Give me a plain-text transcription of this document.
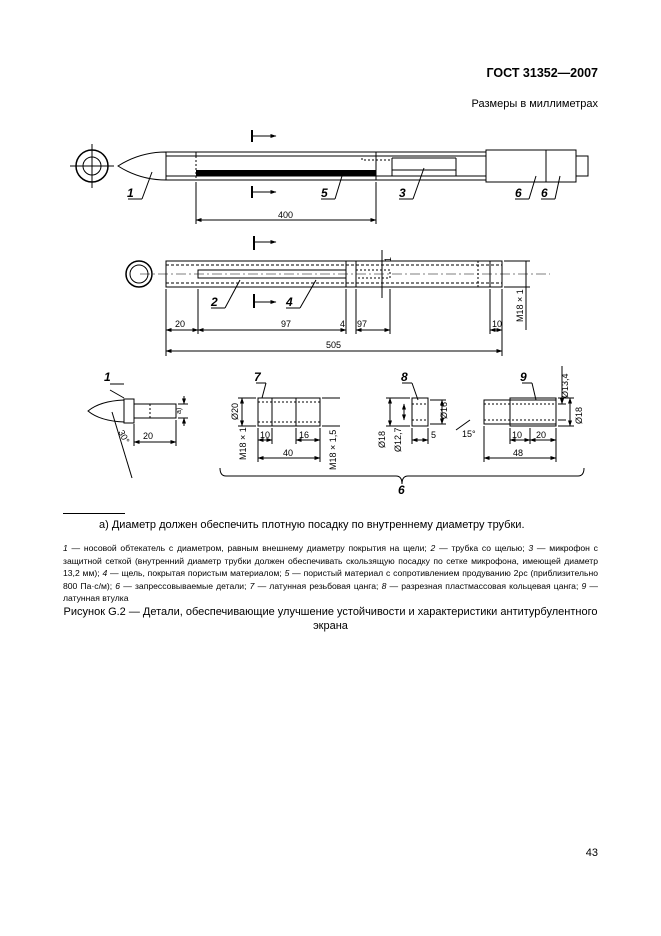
ГОСТ 31352—2007
Размеры в миллиметрах
1	5	3	6 6
400
2	4
20	97	4 97	10
505
M18 × 1
1
1
20
30°
a)
7
10	16
40
Ø20
M18 × 1	M18 × 1,5
8
Ø18 Ø12,7	5
Ø16
15°
9
10 20
48
Ø13,4
Ø18
6
а) Диаметр должен обеспечить плотную посадку по внутреннему диаметру трубки.
1 — носовой обтекатель с диаметром, равным внешнему диаметру покрытия на щели; 2 — трубка со щелью; 3 — микрофон с защитной сеткой (внутренний диаметр трубки должен обеспечивать скользящую посадку по сетке микрофона, имеющей диаметр 13,2 мм); 4 — щель, покрытая пористым материалом; 5 — пористый материал с сопротивлением продуванию 2ρc (приблизительно 800 Па·с/м); 6 — запрессовываемые детали; 7 — латунная резьбовая цанга; 8 — разрезная пластмассовая кольцевая цанга; 9 — латунная втулка
Рисунок G.2 — Детали, обеспечивающие улучшение устойчивости и характеристики антитурбулентного экрана
43
